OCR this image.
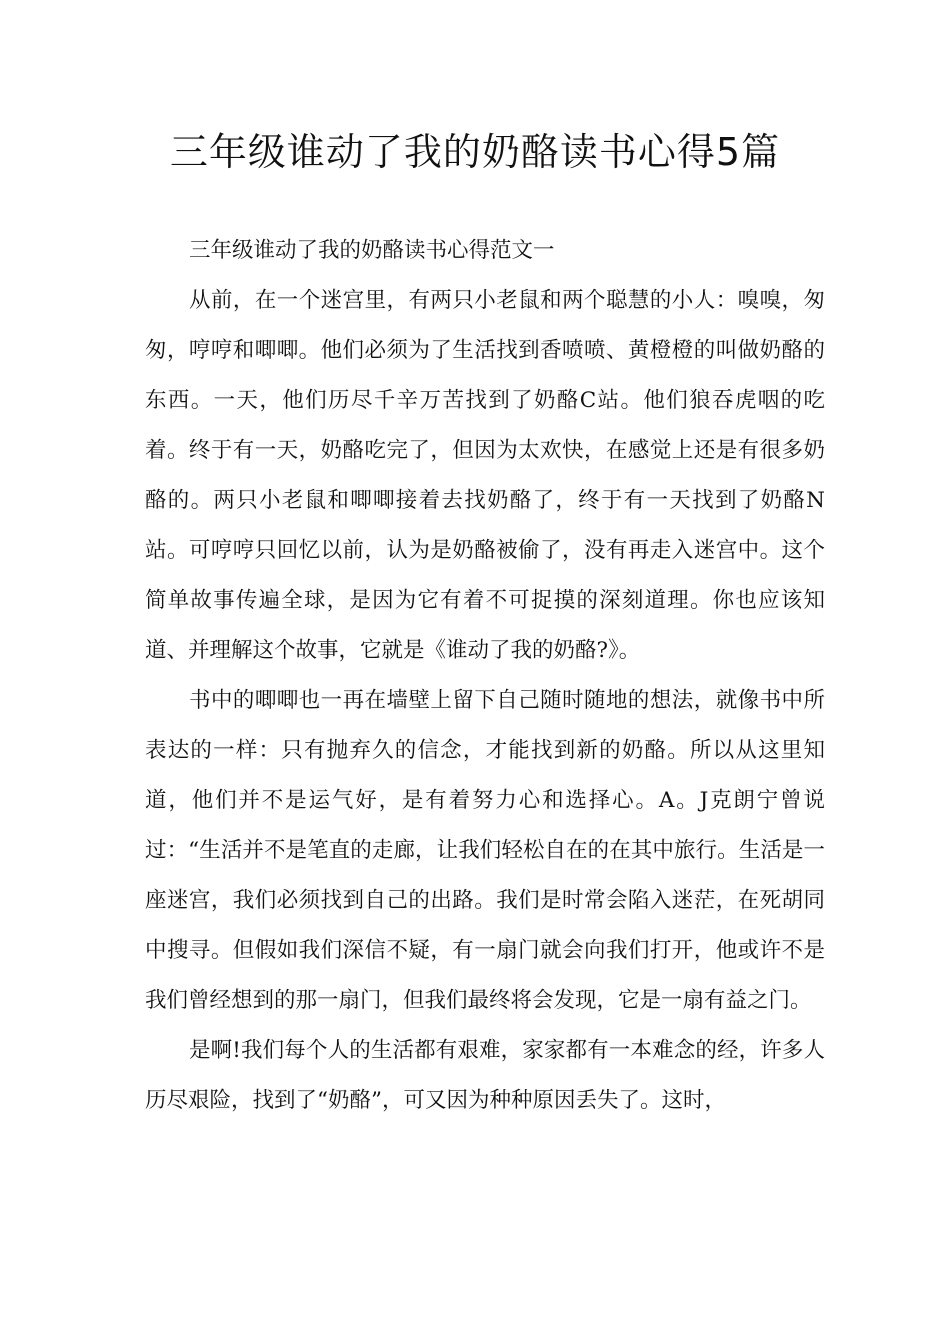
三年级谁动了我的奶酪读书心得5篇
三年级谁动了我的奶酪读书心得范文一

从前，在一个迷宫里，有两只小老鼠和两个聪慧的小人：嗅嗅，匆匆，哼哼和唧唧。他们必须为了生活找到香喷喷、黄橙橙的叫做奶酪的东西。一天，他们历尽千辛万苦找到了奶酪C站。他们狼吞虎咽的吃着。终于有一天，奶酪吃完了，但因为太欢快，在感觉上还是有很多奶酪的。两只小老鼠和唧唧接着去找奶酪了，终于有一天找到了奶酪N站。可哼哼只回忆以前，认为是奶酪被偷了，没有再走入迷宫中。这个简单故事传遍全球，是因为它有着不可捉摸的深刻道理。你也应该知道、并理解这个故事，它就是《谁动了我的奶酪?》。

书中的唧唧也一再在墙壁上留下自己随时随地的想法，就像书中所表达的一样：只有抛弃久的信念，才能找到新的奶酪。所以从这里知道，他们并不是运气好，是有着努力心和选择心。A。J克朗宁曾说过：“生活并不是笔直的走廊，让我们轻松自在的在其中旅行。生活是一座迷宫，我们必须找到自己的出路。我们是时常会陷入迷茫，在死胡同中搜寻。但假如我们深信不疑，有一扇门就会向我们打开，他或许不是我们曾经想到的那一扇门，但我们最终将会发现，它是一扇有益之门。

是啊!我们每个人的生活都有艰难，家家都有一本难念的经，许多人历尽艰险，找到了“奶酪”，可又因为种种原因丢失了。这时，
